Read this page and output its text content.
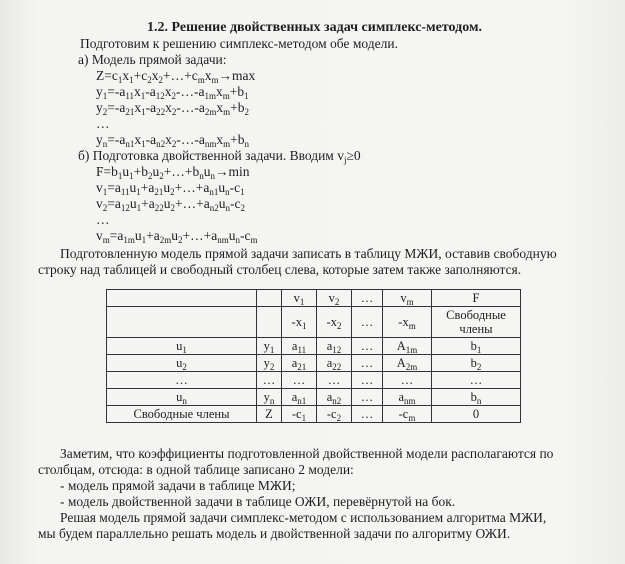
1.2. Решение двойственных задач симплекс-методом.
Подготовим к решению симплекс-методом обе модели.
а) Модель прямой задачи:
$Z=c_1x_1+c_2x_2+\dots+c_mx_m\to\max$
$y_1=-a_{11}x_1-a_{12}x_2-\dots-a_{1m}x_m+b_1$
$y_2=-a_{21}x_1-a_{22}x_2-\dots-a_{2m}x_m+b_2$
…
$y_n=-a_{n1}x_1-a_{n2}x_2-\dots-a_{nm}x_m+b_n$
б) Подготовка двойственной задачи. Вводим $v_j\ge 0$
$F=b_1u_1+b_2u_2+\dots+b_nu_n\to\min$
$v_1=a_{11}u_1+a_{21}u_2+\dots+a_{n1}u_n-c_1$
$v_2=a_{12}u_1+a_{22}u_2+\dots+a_{n2}u_n-c_2$
…
$v_m=a_{1m}u_1+a_{2m}u_2+\dots+a_{nm}u_n-c_m$
Подготовленную модель прямой задачи записать в таблицу МЖИ, оставив свободную
строку над таблицей и свободный столбец слева, которые затем также заполняются.
		$v_1$	$v_2$	…	$v_m$	F
		$-x_1$	$-x_2$	…	$-x_m$	Свободные члены
$u_1$	$y_1$	$a_{11}$	$a_{12}$	…	$A_{1m}$	$b_1$
$u_2$	$y_2$	$a_{21}$	$a_{22}$	…	$A_{2m}$	$b_2$
…	…	…	…	…	…	…
$u_n$	$y_n$	$a_{n1}$	$a_{n2}$	…	$a_{nm}$	$b_n$
Свободные члены	Z	$-c_1$	$-c_2$	…	$-c_m$	0
Заметим, что коэффициенты подготовленной двойственной модели располагаются по
столбцам, отсюда: в одной таблице записано 2 модели:
- модель прямой задачи в таблице МЖИ;
- модель двойственной задачи в таблице ОЖИ, перевёрнутой на бок.
Решая модель прямой задачи симплекс-методом с использованием алгоритма МЖИ,
мы будем параллельно решать модель и двойственной задачи по алгоритму ОЖИ.
